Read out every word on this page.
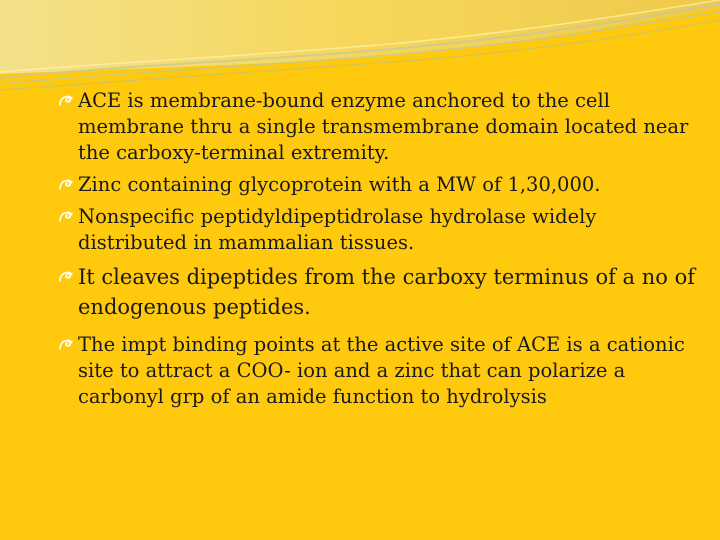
ACE is membrane-bound enzyme anchored to the cell membrane thru a single transmembrane domain located near the carboxy-terminal extremity.
Zinc containing glycoprotein with a MW of 1,30,000.
Nonspecific peptidyldipeptidrolase hydrolase widely distributed in mammalian tissues.
It cleaves dipeptides from the carboxy terminus of a no of endogenous peptides.
The impt binding points at the active site of ACE is a cationic site to attract a COO- ion and a zinc that can polarize a carbonyl grp of an amide function to hydrolysis
